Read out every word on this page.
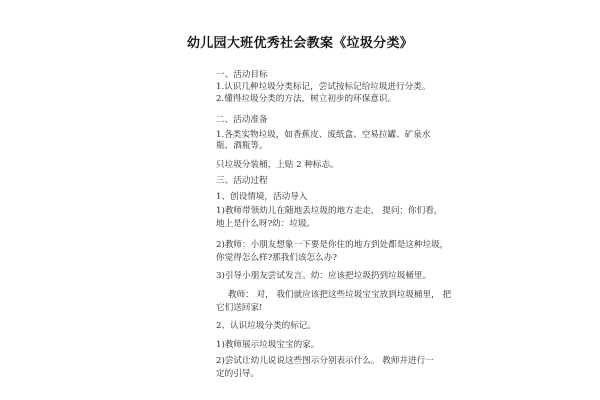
幼儿园大班优秀社会教案《垃圾分类》
一、活动目标
1.认识几种垃圾分类标记，尝试按标记给垃圾进行分类。
2.懂得垃圾分类的方法，树立初步的环保意识。
二、活动准备
1.各类实物垃圾，如香蕉皮、废纸盒、空易拉罐、矿泉水
瓶、酒瓶等。
只垃圾分装桶，上贴 2 种标志。
三、活动过程
1、创设情境，活动导入
1)教师带领幼儿在随地丢垃圾的地方走走， 提问：你们看，
地上是什么呀?幼：垃圾。
2)教师：小朋友想象一下要是你住的地方到处都是这种垃圾，
你觉得怎么样?那我们该怎么办?
3)引导小朋友尝试发言。幼：应该把垃圾扔到垃圾桶里。
教师： 对， 我们就应该把这些垃圾宝宝放到垃圾桶里， 把
它们送回家!
2、认识垃圾分类的标记。
1)教师展示垃圾宝宝的家。
2)尝试让幼儿说说这些图示分别表示什么。 教师并进行一
定的引导。
